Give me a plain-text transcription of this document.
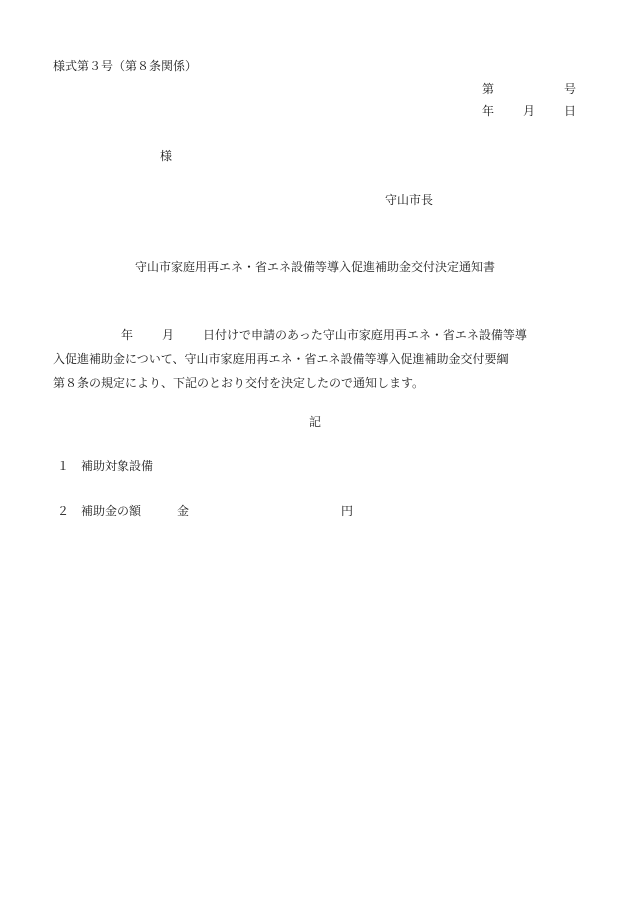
様式第３号（第８条関係）
第	号
年 月 日
様
守山市長
守山市家庭用再エネ・省エネ設備等導入促進補助金交付決定通知書
年 月 日付けで申請のあった守山市家庭用再エネ・省エネ設備等導
入促進補助金について、守山市家庭用再エネ・省エネ設備等導入促進補助金交付要綱
第８条の規定により、下記のとおり交付を決定したので通知します。
記
１ 補助対象設備
２ 補助金の額	金	円
